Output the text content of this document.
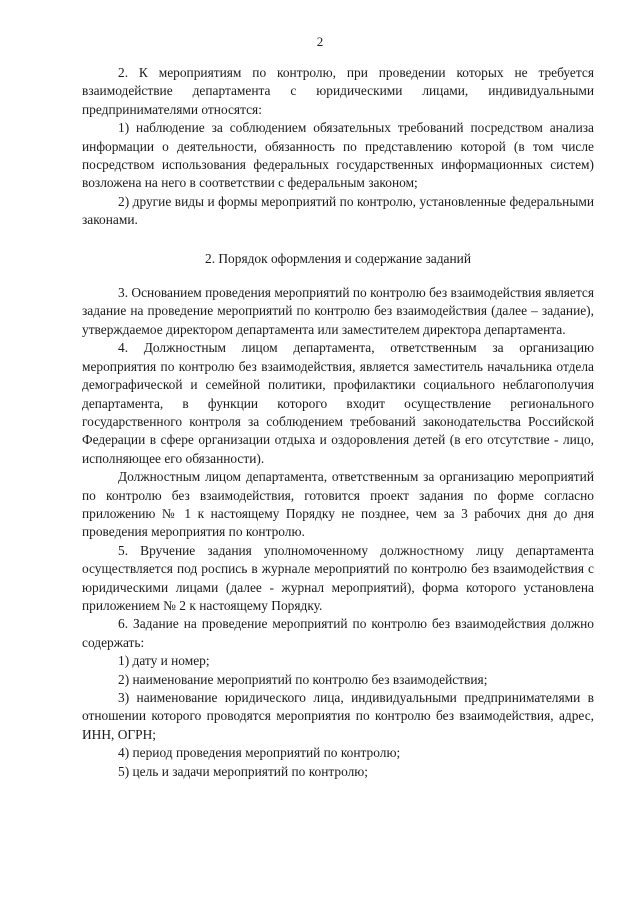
2

2. К мероприятиям по контролю, при проведении которых не требуется взаимодействие департамента с юридическими лицами, индивидуальными предпринимателями относятся:

1) наблюдение за соблюдением обязательных требований посредством анализа информации о деятельности, обязанность по представлению которой (в том числе посредством использования федеральных государственных информационных систем) возложена на него в соответствии с федеральным законом;

2) другие виды и формы мероприятий по контролю, установленные федеральными законами.

2. Порядок оформления и содержание заданий

3. Основанием проведения мероприятий по контролю без взаимодействия является задание на проведение мероприятий по контролю без взаимодействия (далее – задание), утверждаемое директором департамента или заместителем директора департамента.

4. Должностным лицом департамента, ответственным за организацию мероприятия по контролю без взаимодействия, является заместитель начальника отдела демографической и семейной политики, профилактики социального неблагополучия департамента, в функции которого входит осуществление регионального государственного контроля за соблюдением требований законодательства Российской Федерации в сфере организации отдыха и оздоровления детей (в его отсутствие - лицо, исполняющее его обязанности).

Должностным лицом департамента, ответственным за организацию мероприятий по контролю без взаимодействия, готовится проект задания по форме согласно приложению № 1 к настоящему Порядку не позднее, чем за 3 рабочих дня до дня проведения мероприятия по контролю.

5. Вручение задания уполномоченному должностному лицу департамента осуществляется под роспись в журнале мероприятий по контролю без взаимодействия с юридическими лицами (далее - журнал мероприятий), форма которого установлена приложением № 2 к настоящему Порядку.

6. Задание на проведение мероприятий по контролю без взаимодействия должно содержать:

1) дату и номер;

2) наименование мероприятий по контролю без взаимодействия;

3) наименование юридического лица, индивидуальными предпринимателями в отношении которого проводятся мероприятия по контролю без взаимодействия, адрес, ИНН, ОГРН;

4) период проведения мероприятий по контролю;

5) цель и задачи мероприятий по контролю;
